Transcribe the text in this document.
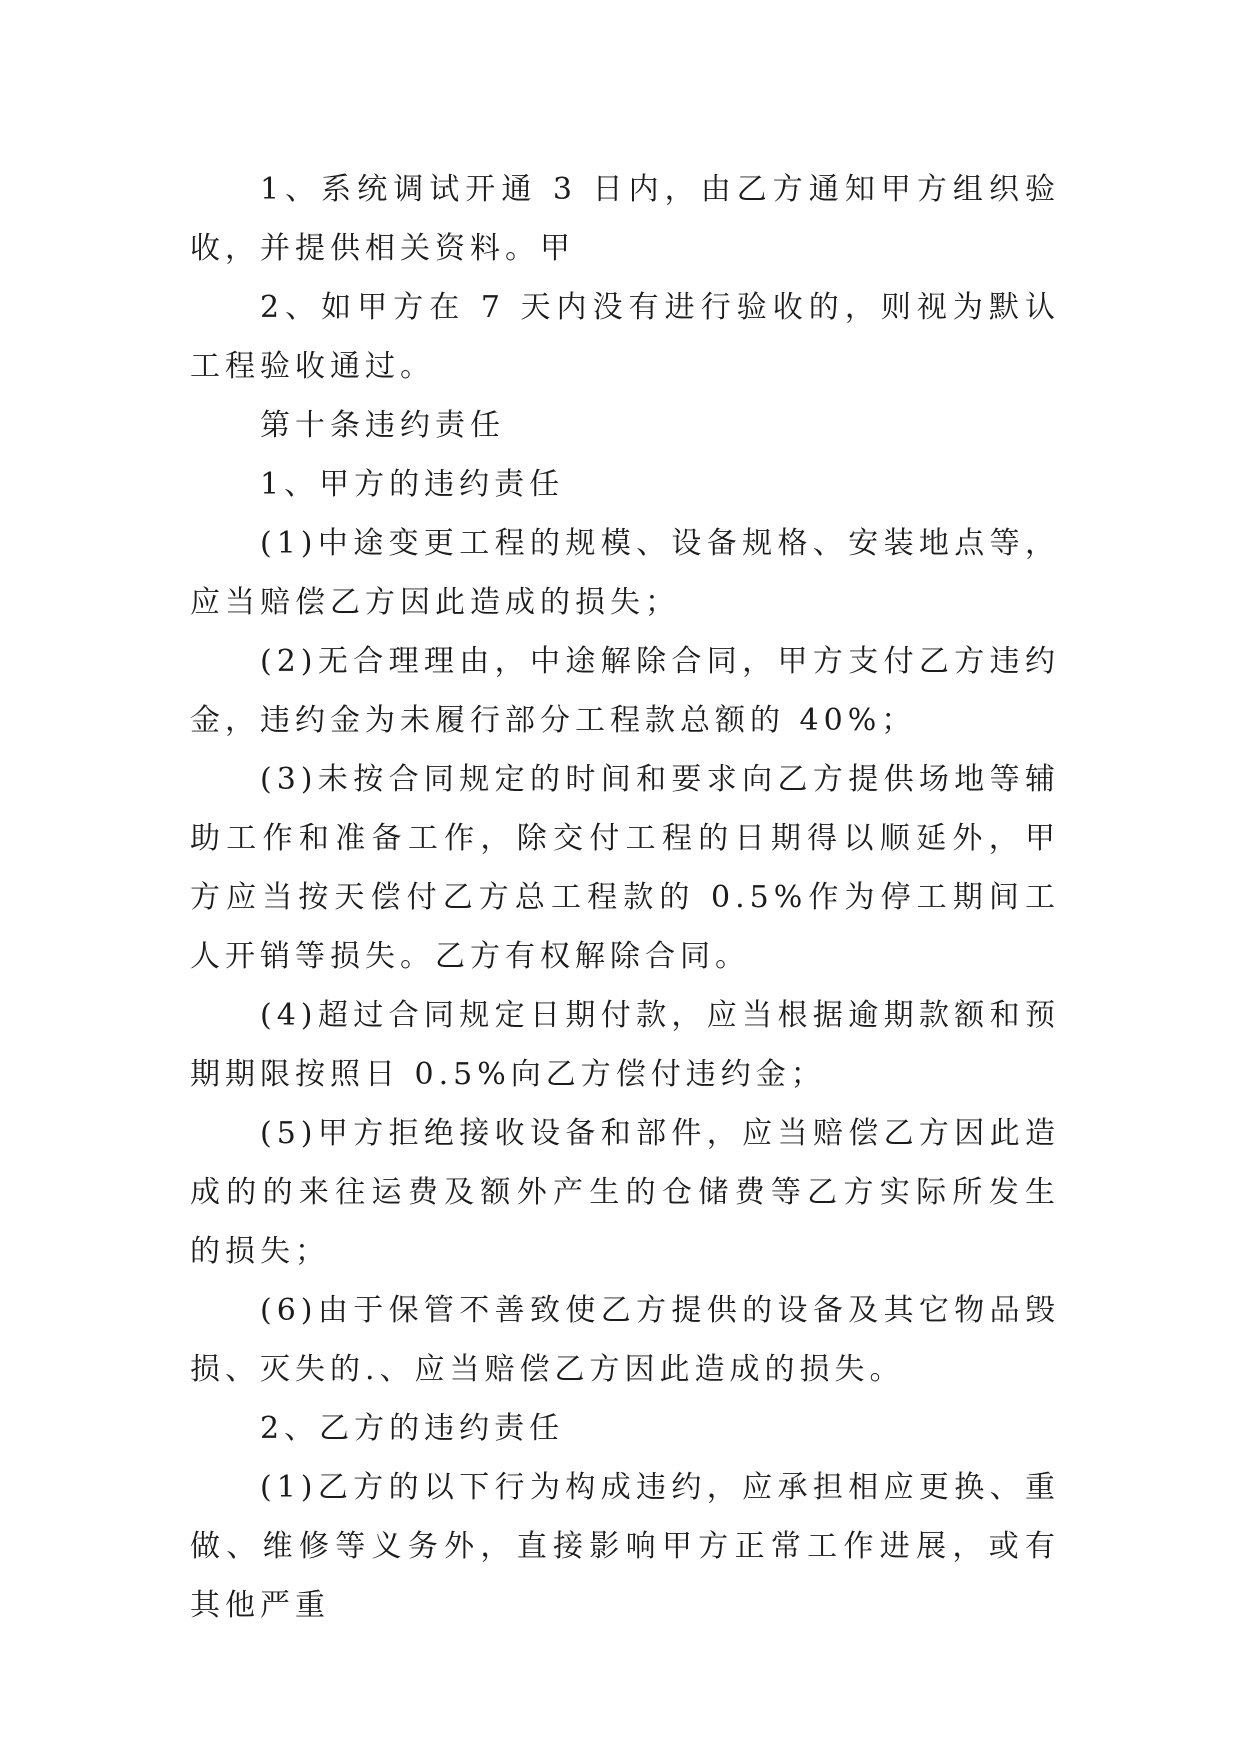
1、系统调试开通 3 日内，由乙方通知甲方组织验收，并提供相关资料。甲

2、如甲方在 7 天内没有进行验收的，则视为默认工程验收通过。

第十条违约责任

1、甲方的违约责任

(1)中途变更工程的规模、设备规格、安装地点等，应当赔偿乙方因此造成的损失；

(2)无合理理由，中途解除合同，甲方支付乙方违约金，违约金为未履行部分工程款总额的 40%；

(3)未按合同规定的时间和要求向乙方提供场地等辅助工作和准备工作，除交付工程的日期得以顺延外，甲方应当按天偿付乙方总工程款的 0.5%作为停工期间工人开销等损失。乙方有权解除合同。

(4)超过合同规定日期付款，应当根据逾期款额和预期期限按照日 0.5%向乙方偿付违约金；

(5)甲方拒绝接收设备和部件，应当赔偿乙方因此造成的的来往运费及额外产生的仓储费等乙方实际所发生的损失；

(6)由于保管不善致使乙方提供的设备及其它物品毁损、灭失的.、应当赔偿乙方因此造成的损失。

2、乙方的违约责任

(1)乙方的以下行为构成违约，应承担相应更换、重做、维修等义务外，直接影响甲方正常工作进展，或有其他严重
